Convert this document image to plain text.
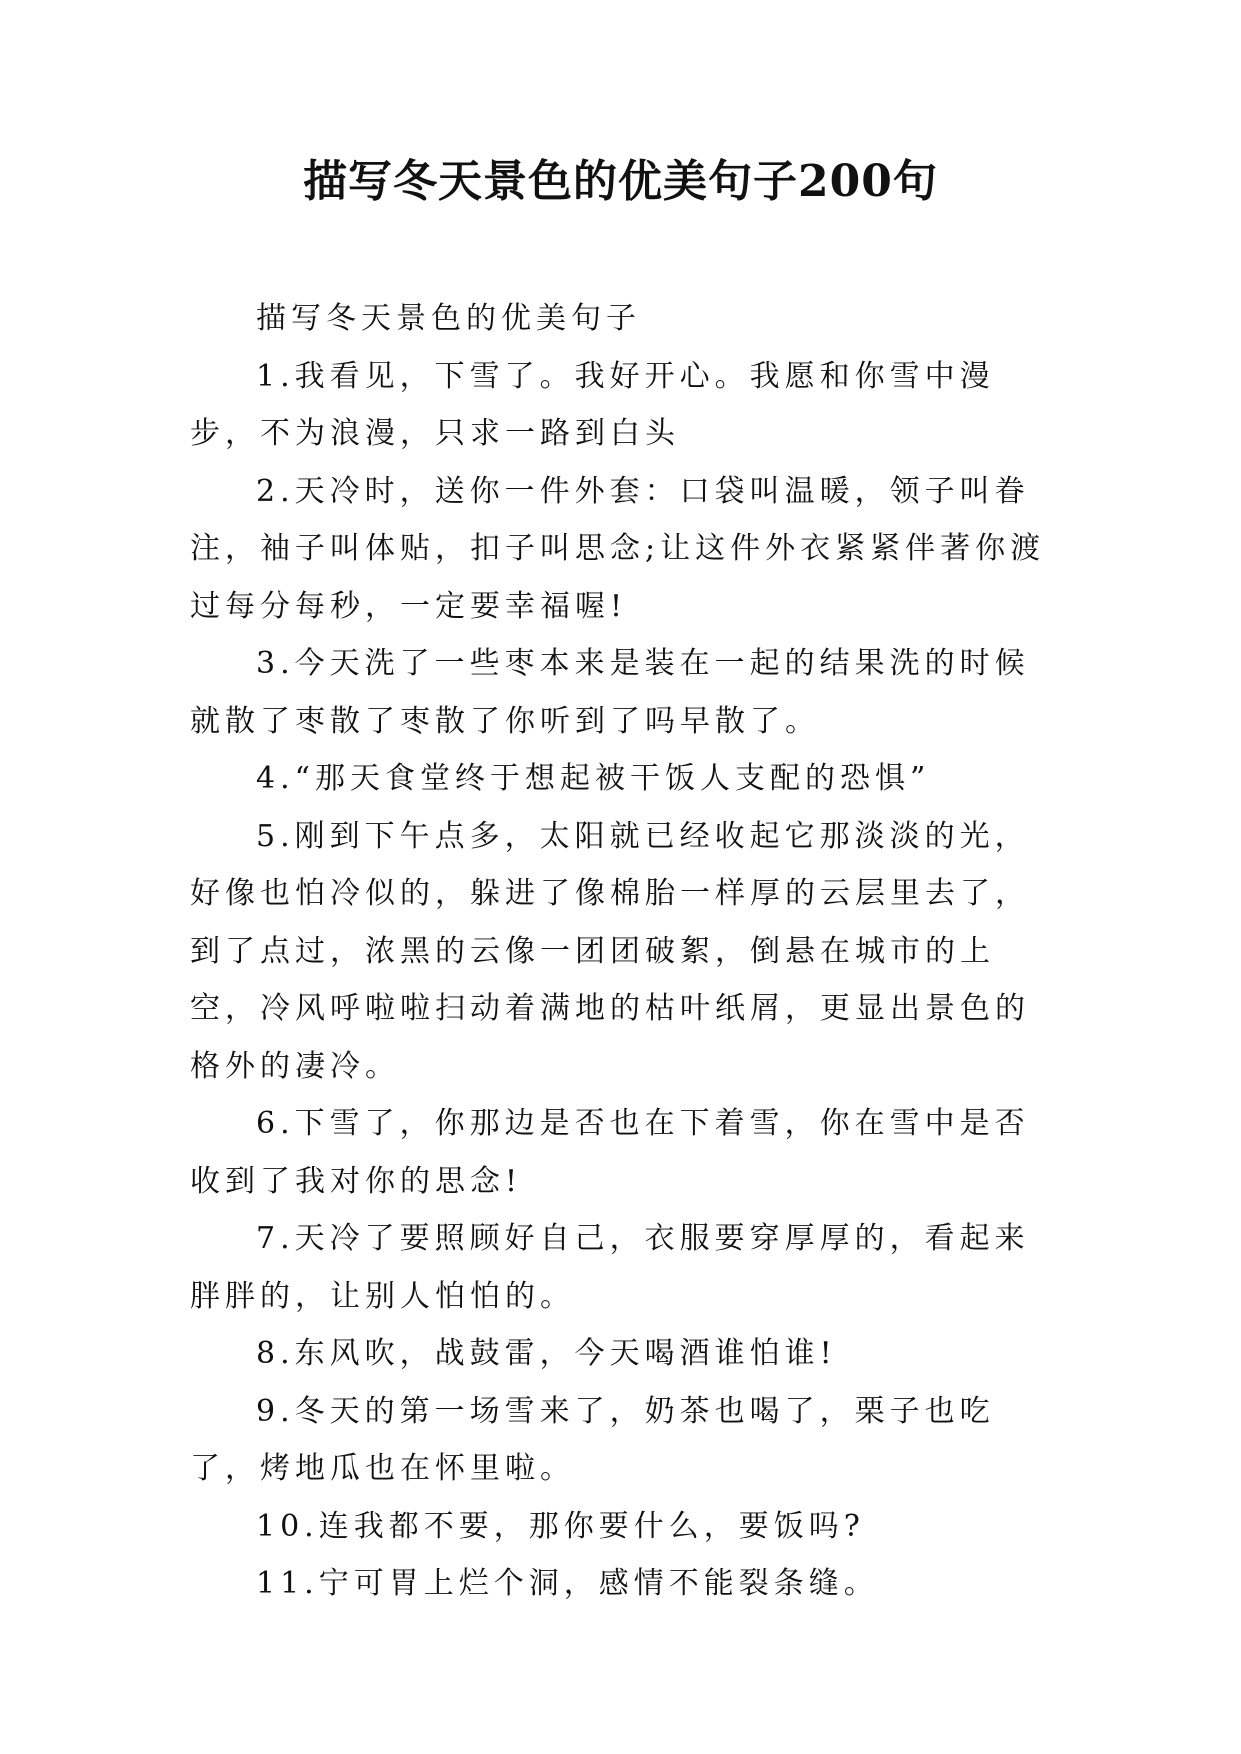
描写冬天景色的优美句子200句

描写冬天景色的优美句子

1.我看见，下雪了。我好开心。我愿和你雪中漫步，不为浪漫，只求一路到白头

2.天冷时，送你一件外套：口袋叫温暖，领子叫眷注，袖子叫体贴，扣子叫思念;让这件外衣紧紧伴著你渡过每分每秒，一定要幸福喔!

3.今天洗了一些枣本来是装在一起的结果洗的时候就散了枣散了枣散了你听到了吗早散了。

4.“那天食堂终于想起被干饭人支配的恐惧”

5.刚到下午点多，太阳就已经收起它那淡淡的光，好像也怕冷似的，躲进了像棉胎一样厚的云层里去了，到了点过，浓黑的云像一团团破絮，倒悬在城市的上空，冷风呼啦啦扫动着满地的枯叶纸屑，更显出景色的格外的凄冷。

6.下雪了，你那边是否也在下着雪，你在雪中是否收到了我对你的思念!

7.天冷了要照顾好自己，衣服要穿厚厚的，看起来胖胖的，让别人怕怕的。

8.东风吹，战鼓雷，今天喝酒谁怕谁!

9.冬天的第一场雪来了，奶茶也喝了，栗子也吃了，烤地瓜也在怀里啦。

10.连我都不要，那你要什么，要饭吗?

11.宁可胃上烂个洞，感情不能裂条缝。
